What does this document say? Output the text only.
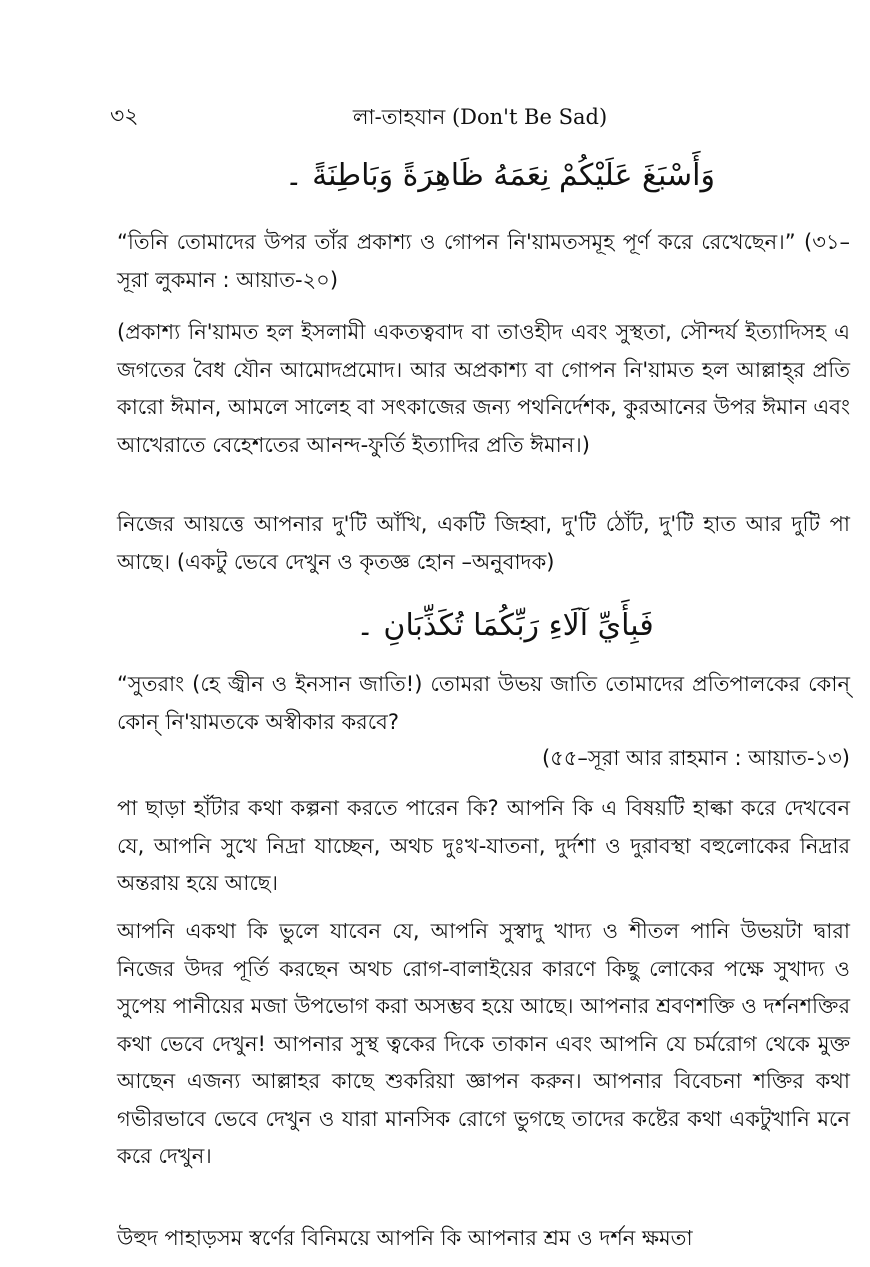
৩২	লা-তাহযান (Don't Be Sad)
وَأَسْبَغَ عَلَيْكُمْ نِعَمَهُ ظَاهِرَةً وَبَاطِنَةً ۔

“তিনি তোমাদের উপর তাঁর প্রকাশ্য ও গোপন নি'য়ামতসমূহ পূর্ণ করে রেখেছেন।” (৩১–সূরা লুকমান : আয়াত-২০)

(প্রকাশ্য নি'য়ামত হল ইসলামী একতত্ববাদ বা তাওহীদ এবং সুস্থতা, সৌন্দর্য ইত্যাদিসহ এ জগতের বৈধ যৌন আমোদপ্রমোদ। আর অপ্রকাশ্য বা গোপন নি'য়ামত হল আল্লাহ্‌র প্রতি কারো ঈমান, আমলে সালেহ বা সৎকাজের জন্য পথনির্দেশক, কুরআনের উপর ঈমান এবং আখেরাতে বেহেশতের আনন্দ-ফুর্তি ইত্যাদির প্রতি ঈমান।)

নিজের আয়ত্তে আপনার দু'টি আঁখি, একটি জিহ্বা, দু'টি ঠোঁট, দু'টি হাত আর দুটি পা আছে। (একটু ভেবে দেখুন ও কৃতজ্ঞ হোন –অনুবাদক)

فَبِأَيِّ آلَاءِ رَبِّكُمَا تُكَذِّبَانِ ۔

“সুতরাং (হে জ্বীন ও ইনসান জাতি!) তোমরা উভয় জাতি তোমাদের প্রতিপালকের কোন্ কোন্ নি'য়ামতকে অস্বীকার করবে?

(৫৫–সূরা আর রাহমান : আয়াত-১৩)

পা ছাড়া হাঁটার কথা কল্পনা করতে পারেন কি? আপনি কি এ বিষয়টি হাল্কা করে দেখবেন যে, আপনি সুখে নিদ্রা যাচ্ছেন, অথচ দুঃখ-যাতনা, দুর্দশা ও দুরাবস্থা বহুলোকের নিদ্রার অন্তরায় হয়ে আছে।

আপনি একথা কি ভুলে যাবেন যে, আপনি সুস্বাদু খাদ্য ও শীতল পানি উভয়টা দ্বারা নিজের উদর পূর্তি করছেন অথচ রোগ-বালাইয়ের কারণে কিছু লোকের পক্ষে সুখাদ্য ও সুপেয় পানীয়ের মজা উপভোগ করা অসম্ভব হয়ে আছে। আপনার শ্রবণশক্তি ও দর্শনশক্তির কথা ভেবে দেখুন! আপনার সুস্থ ত্বকের দিকে তাকান এবং আপনি যে চর্মরোগ থেকে মুক্ত আছেন এজন্য আল্লাহর কাছে শুকরিয়া জ্ঞাপন করুন। আপনার বিবেচনা শক্তির কথা গভীরভাবে ভেবে দেখুন ও যারা মানসিক রোগে ভুগছে তাদের কষ্টের কথা একটুখানি মনে করে দেখুন।

উহুদ পাহাড়সম স্বর্ণের বিনিময়ে আপনি কি আপনার শ্রম ও দর্শন ক্ষমতা
